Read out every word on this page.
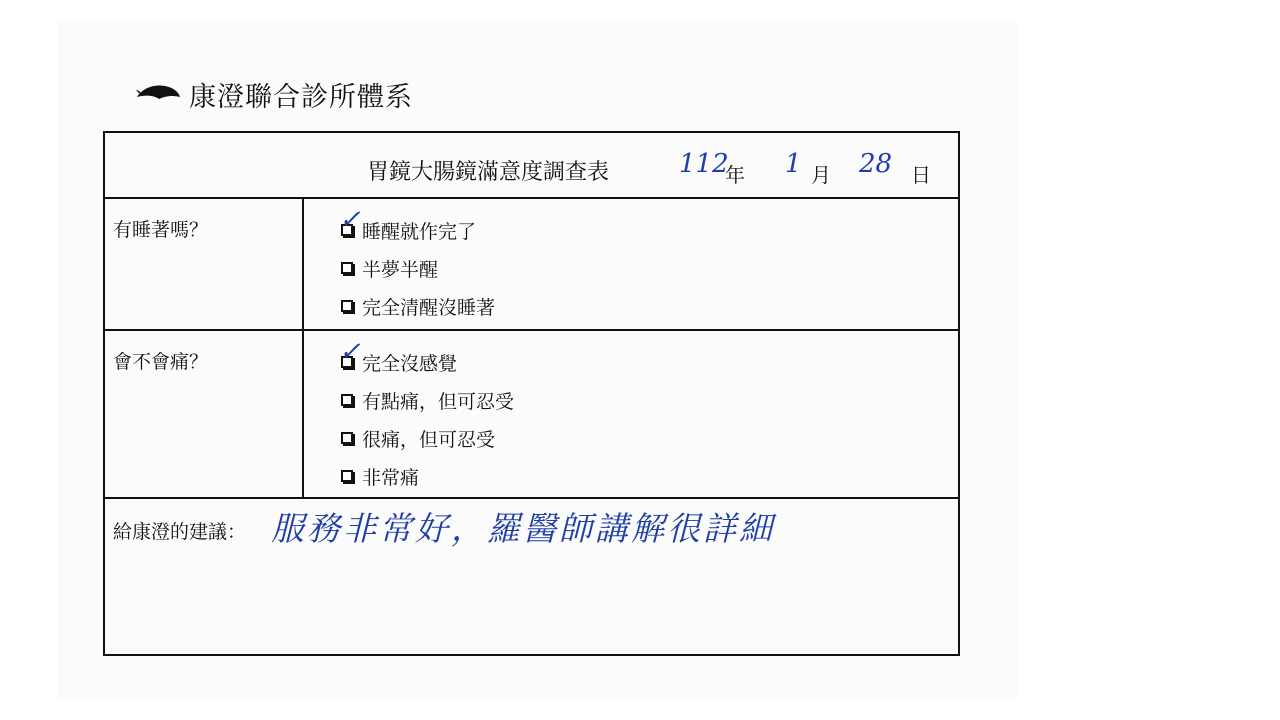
康澄聯合診所體系
胃鏡大腸鏡滿意度調查表	112
年 1 月 28 日
有睡著嗎？	✓ 睡醒就作完了
半夢半醒
完全清醒沒睡著
會不會痛？	✓ 完全沒感覺
有點痛，但可忍受
很痛，但可忍受
非常痛
給康澄的建議： 服務非常好，羅醫師講解很詳細
